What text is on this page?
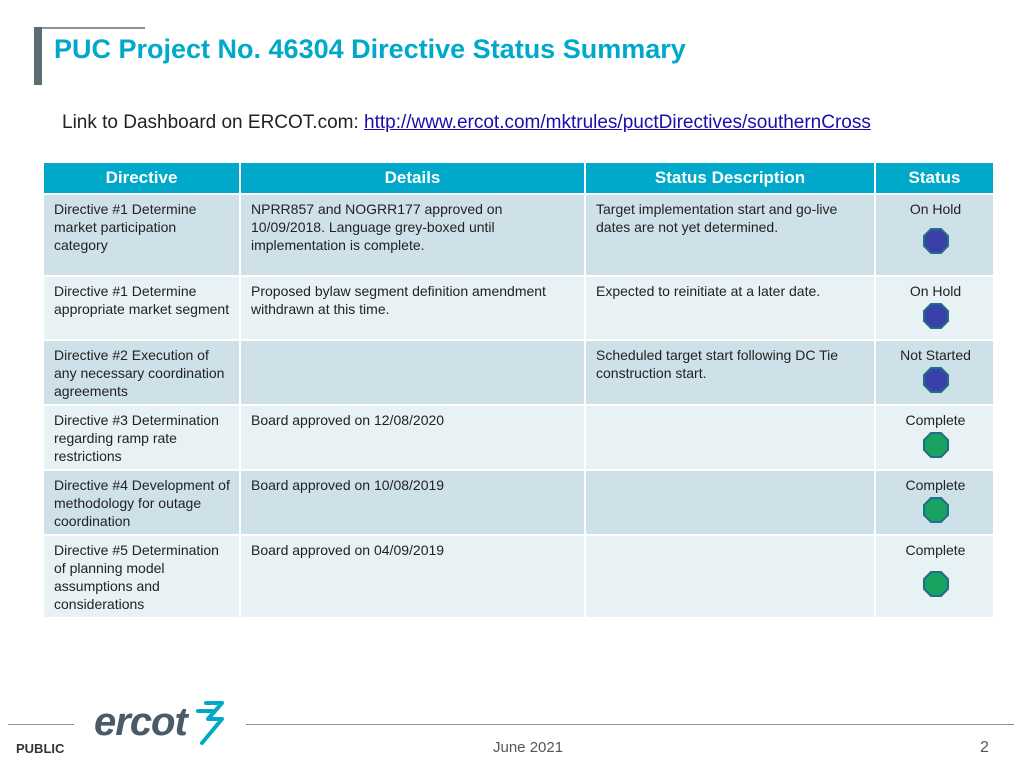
PUC Project No. 46304 Directive Status Summary
Link to Dashboard on ERCOT.com: http://www.ercot.com/mktrules/puctDirectives/southernCross
Directive	Details	Status Description	Status
Directive #1 Determine market participation category	NPRR857 and NOGRR177 approved on 10/09/2018. Language grey-boxed until implementation is complete.	Target implementation start and go-live dates are not yet determined.	On Hold

Directive #1 Determine appropriate market segment	Proposed bylaw segment definition amendment withdrawn at this time.	Expected to reinitiate at a later date.	On Hold

Directive #2 Execution of any necessary coordination agreements		Scheduled target start following DC Tie construction start.	Not Started

Directive #3 Determination regarding ramp rate restrictions	Board approved on 12/08/2020		Complete

Directive #4 Development of methodology for outage coordination	Board approved on 10/08/2019		Complete

Directive #5 Determination of planning model assumptions and considerations	Board approved on 04/09/2019		Complete
ercot
PUBLIC	June 2021	2
